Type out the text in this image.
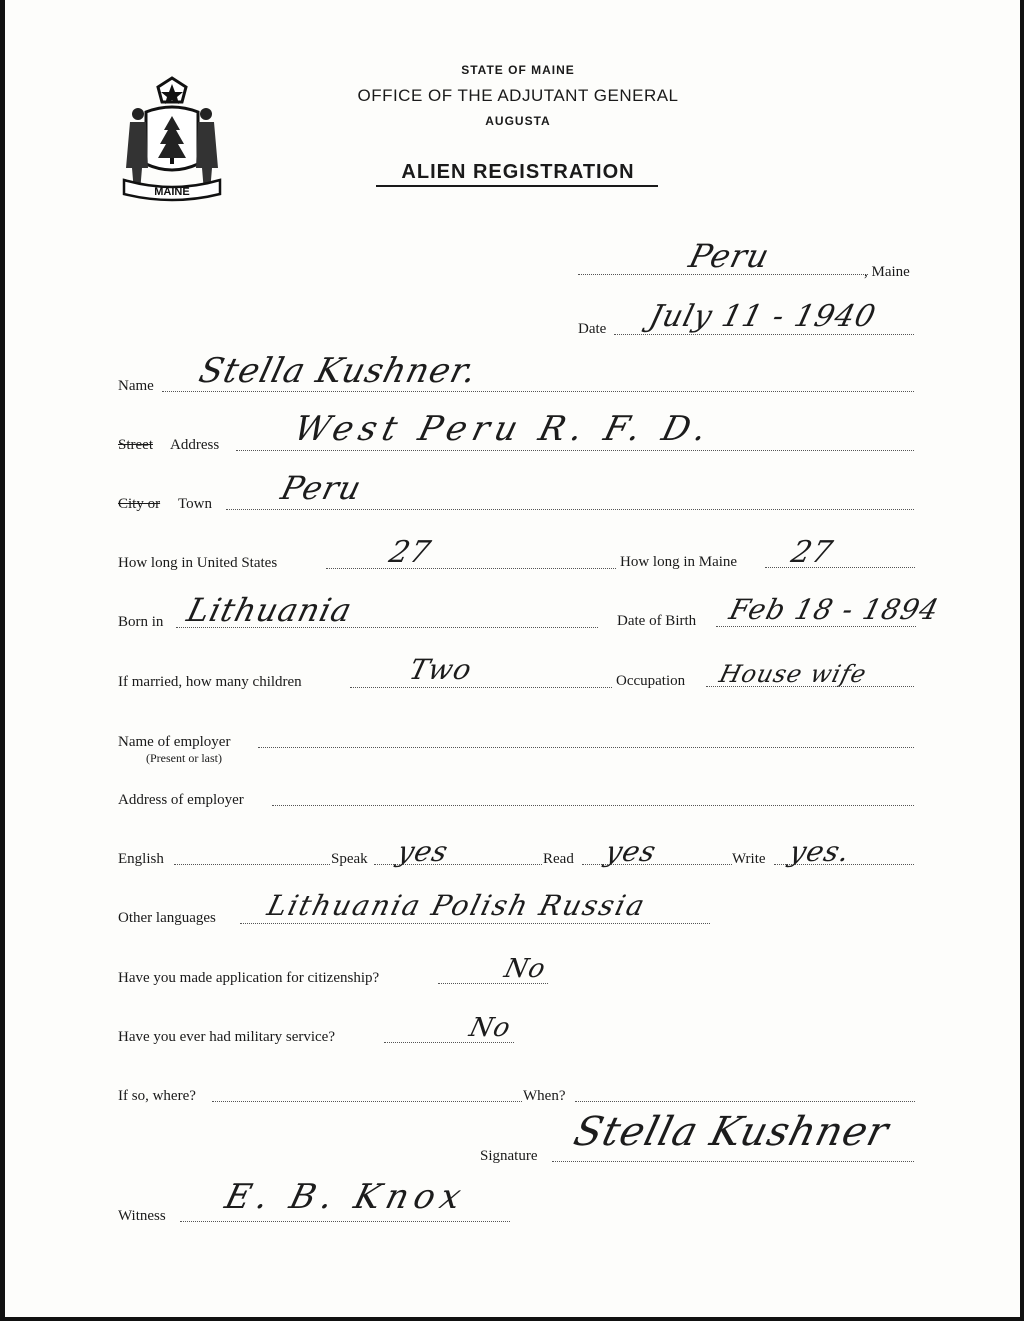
MAINE
STATE OF MAINE
OFFICE OF THE ADJUTANT GENERAL
AUGUSTA
ALIEN REGISTRATION
Peru	, Maine
Date July 11 - 1940
Name Stella Kushner.
Street Address West Peru R. F. D.
City or Town Peru
How long in United States	27	How long in Maine 27
Born in Lithuania	Date of Birth Feb 18 - 1894
If married, how many children	Two	Occupation House wife
Name of employer
(Present or last)
Address of employer
English	Speak yes	Read yes	Write yes.
Other languages Lithuania Polish Russia
Have you made application for citizenship?	No
Have you ever had military service?	No
If so, where?	When?
Signature
Stella Kushner
Witness E. B. Knox
